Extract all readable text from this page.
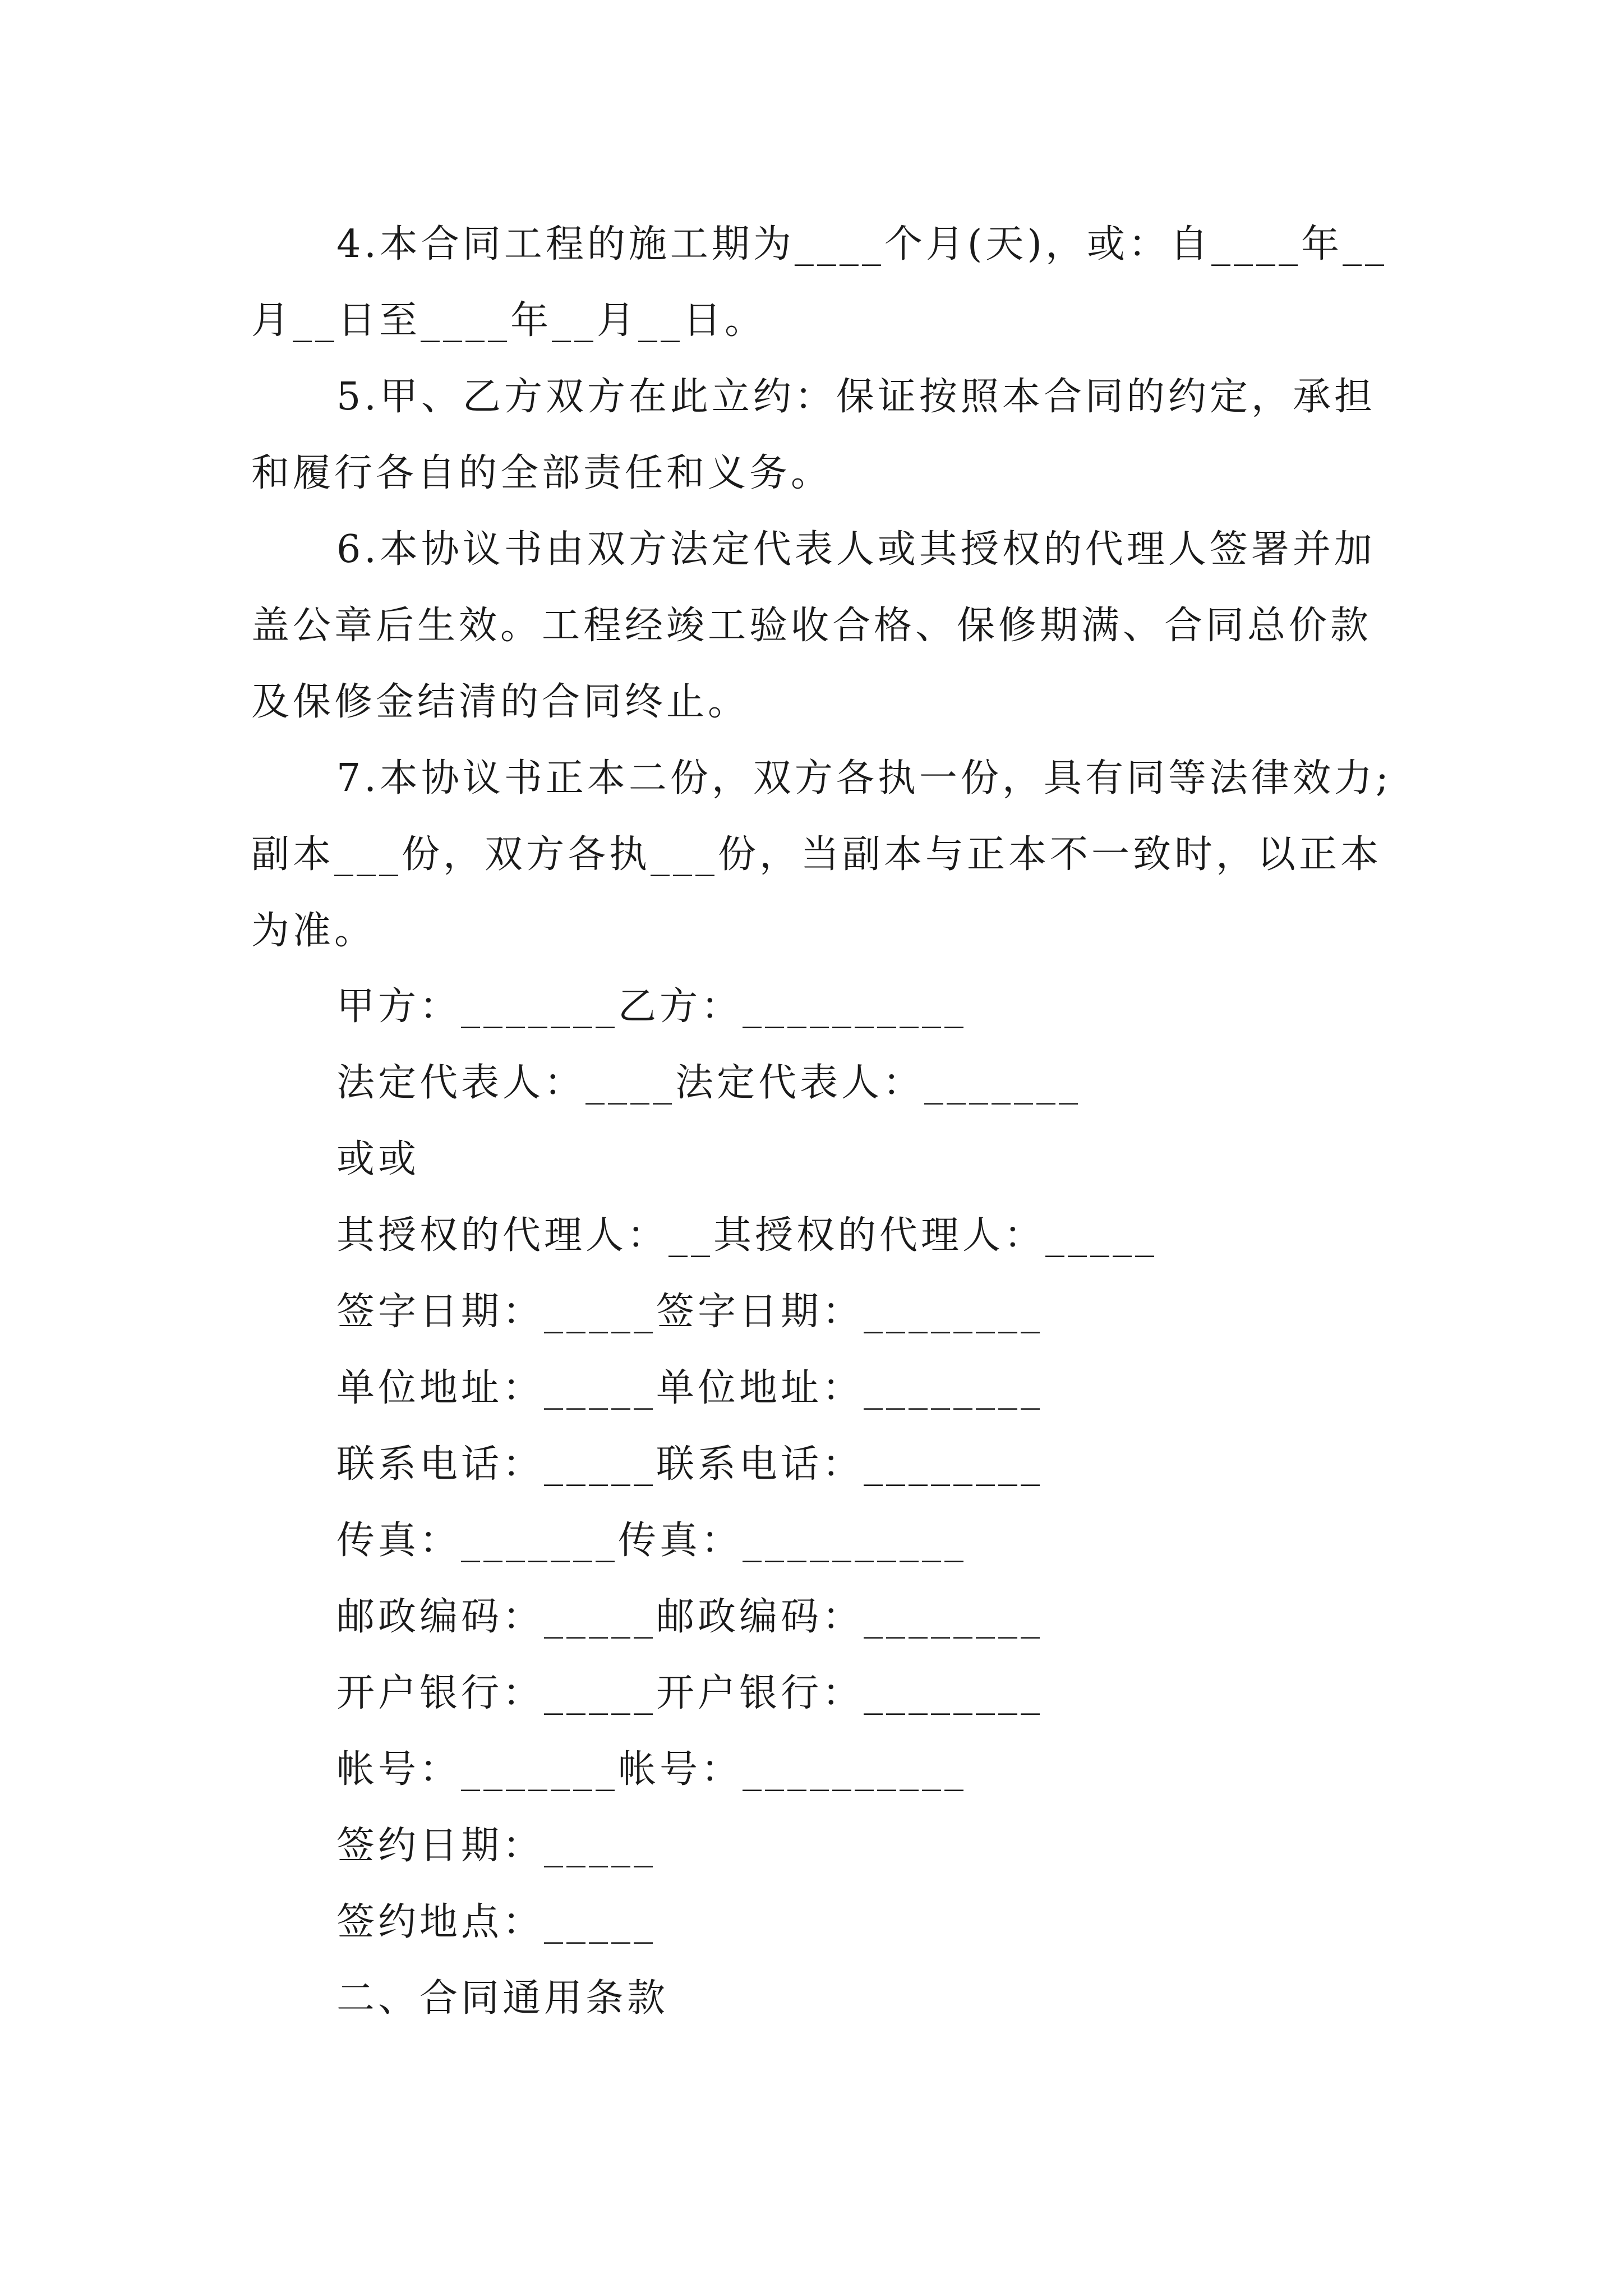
4.本合同工程的施工期为____个月(天)，或：自____年__月__日至____年__月__日。

5.甲、乙方双方在此立约：保证按照本合同的约定，承担和履行各自的全部责任和义务。

6.本协议书由双方法定代表人或其授权的代理人签署并加盖公章后生效。工程经竣工验收合格、保修期满、合同总价款及保修金结清的合同终止。

7.本协议书正本二份，双方各执一份，具有同等法律效力;副本___份，双方各执___份，当副本与正本不一致时，以正本为准。

甲方：_______乙方：__________

法定代表人：____法定代表人：_______

或或

其授权的代理人：__其授权的代理人：_____

签字日期：_____签字日期：________

单位地址：_____单位地址：________

联系电话：_____联系电话：________

传真：_______传真：__________

邮政编码：_____邮政编码：________

开户银行：_____开户银行：________

帐号：_______帐号：__________

签约日期：_____

签约地点：_____

二、合同通用条款
